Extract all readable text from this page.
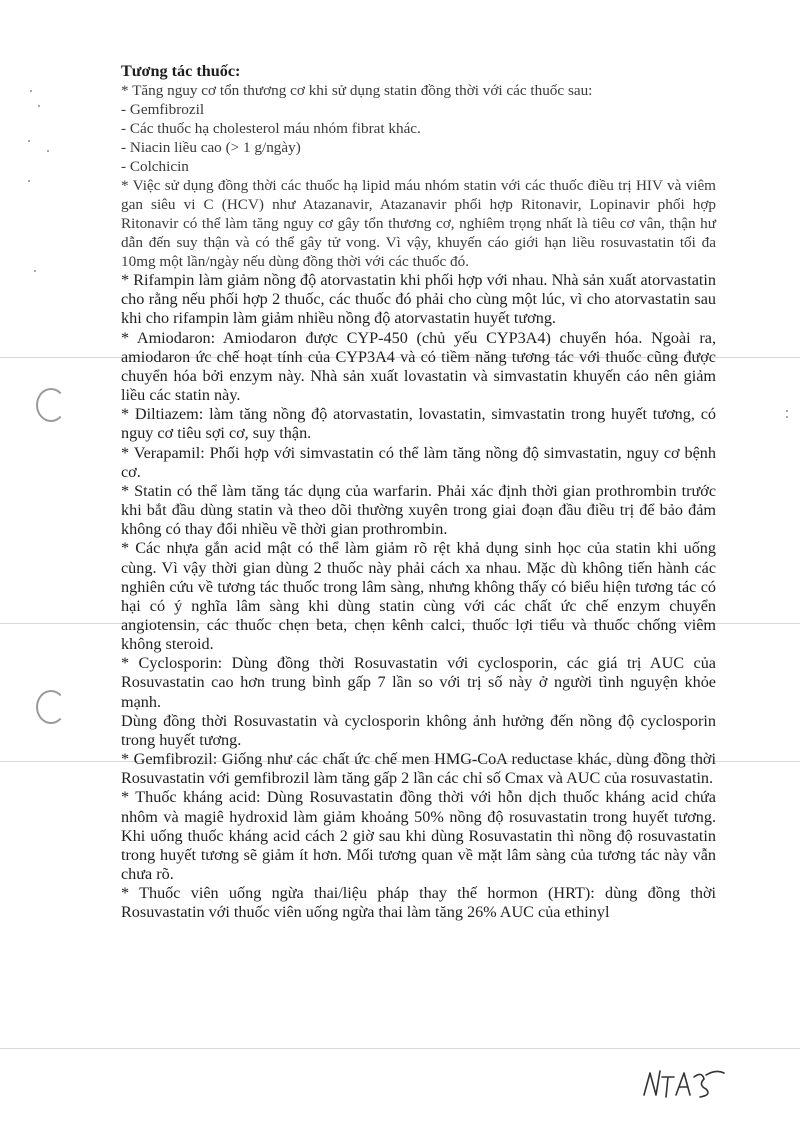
Tương tác thuốc:

* Tăng nguy cơ tổn thương cơ khi sử dụng statin đồng thời với các thuốc sau:

- Gemfibrozil

- Các thuốc hạ cholesterol máu nhóm fibrat khác.

- Niacin liều cao (> 1 g/ngày)

- Colchicin

* Việc sử dụng đồng thời các thuốc hạ lipid máu nhóm statin với các thuốc điều trị HIV và viêm gan siêu vi C (HCV) như Atazanavir, Atazanavir phối hợp Ritonavir, Lopinavir phối hợp Ritonavir có thể làm tăng nguy cơ gây tổn thương cơ, nghiêm trọng nhất là tiêu cơ vân, thận hư dẫn đến suy thận và có thể gây tử vong. Vì vậy, khuyến cáo giới hạn liều rosuvastatin tối đa 10mg một lần/ngày nếu dùng đồng thời với các thuốc đó.

* Rifampin làm giảm nồng độ atorvastatin khi phối hợp với nhau. Nhà sản xuất atorvastatin cho rằng nếu phối hợp 2 thuốc, các thuốc đó phải cho cùng một lúc, vì cho atorvastatin sau khi cho rifampin làm giảm nhiều nồng độ atorvastatin huyết tương.

* Amiodaron: Amiodaron được CYP-450 (chủ yếu CYP3A4) chuyển hóa. Ngoài ra, amiodaron ức chế hoạt tính của CYP3A4 và có tiềm năng tương tác với thuốc cũng được chuyển hóa bởi enzym này. Nhà sản xuất lovastatin và simvastatin khuyến cáo nên giảm liều các statin này.

* Diltiazem: làm tăng nồng độ atorvastatin, lovastatin, simvastatin trong huyết tương, có nguy cơ tiêu sợi cơ, suy thận.

* Verapamil: Phối hợp với simvastatin có thể làm tăng nồng độ simvastatin, nguy cơ bệnh cơ.

* Statin có thể làm tăng tác dụng của warfarin. Phải xác định thời gian prothrombin trước khi bắt đầu dùng statin và theo dõi thường xuyên trong giai đoạn đầu điều trị để bảo đảm không có thay đổi nhiều về thời gian prothrombin.

* Các nhựa gắn acid mật có thể làm giảm rõ rệt khả dụng sinh học của statin khi uống cùng. Vì vậy thời gian dùng 2 thuốc này phải cách xa nhau. Mặc dù không tiến hành các nghiên cứu về tương tác thuốc trong lâm sàng, nhưng không thấy có biểu hiện tương tác có hại có ý nghĩa lâm sàng khi dùng statin cùng với các chất ức chế enzym chuyển angiotensin, các thuốc chẹn beta, chẹn kênh calci, thuốc lợi tiểu và thuốc chống viêm không steroid.

* Cyclosporin: Dùng đồng thời Rosuvastatin với cyclosporin, các giá trị AUC của Rosuvastatin cao hơn trung bình gấp 7 lần so với trị số này ở người tình nguyện khỏe mạnh.

Dùng đồng thời Rosuvastatin và cyclosporin không ảnh hưởng đến nồng độ cyclosporin trong huyết tương.

* Gemfibrozil: Giống như các chất ức chế men HMG-CoA reductase khác, dùng đồng thời Rosuvastatin với gemfibrozil làm tăng gấp 2 lần các chỉ số Cmax và AUC của rosuvastatin.

* Thuốc kháng acid: Dùng Rosuvastatin đồng thời với hỗn dịch thuốc kháng acid chứa nhôm và magiê hydroxid làm giảm khoảng 50% nồng độ rosuvastatin trong huyết tương. Khi uống thuốc kháng acid cách 2 giờ sau khi dùng Rosuvastatin thì nồng độ rosuvastatin trong huyết tương sẽ giảm ít hơn. Mối tương quan về mặt lâm sàng của tương tác này vẫn chưa rõ.

* Thuốc viên uống ngừa thai/liệu pháp thay thế hormon (HRT): dùng đồng thời Rosuvastatin với thuốc viên uống ngừa thai làm tăng 26% AUC của ethinyl
